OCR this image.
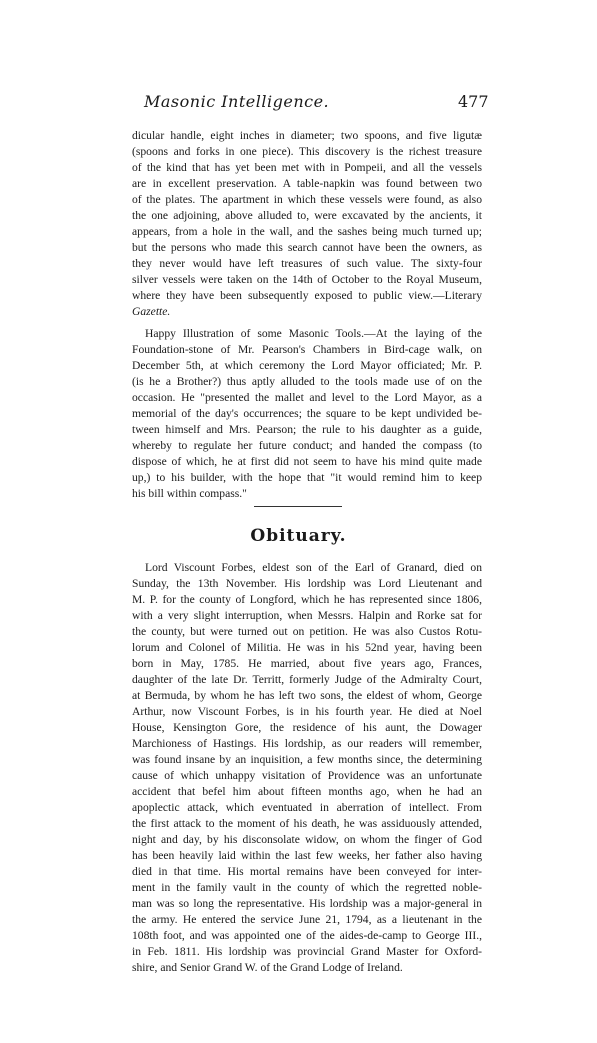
Masonic Intelligence.	477
dicular handle, eight inches in diameter; two spoons, and five ligutæ
(spoons and forks in one piece). This discovery is the richest treasure
of the kind that has yet been met with in Pompeii, and all the vessels
are in excellent preservation. A table-napkin was found between two
of the plates. The apartment in which these vessels were found, as also
the one adjoining, above alluded to, were excavated by the ancients, it
appears, from a hole in the wall, and the sashes being much turned up;
but the persons who made this search cannot have been the owners, as
they never would have left treasures of such value. The sixty-four
silver vessels were taken on the 14th of October to the Royal Museum,
where they have been subsequently exposed to public view.—Literary
Gazette.
Happy Illustration of some Masonic Tools.—At the laying of the
Foundation-stone of Mr. Pearson's Chambers in Bird-cage walk, on
December 5th, at which ceremony the Lord Mayor officiated; Mr. P.
(is he a Brother?) thus aptly alluded to the tools made use of on the
occasion. He "presented the mallet and level to the Lord Mayor, as a
memorial of the day's occurrences; the square to be kept undivided be-
tween himself and Mrs. Pearson; the rule to his daughter as a guide,
whereby to regulate her future conduct; and handed the compass (to
dispose of which, he at first did not seem to have his mind quite made
up,) to his builder, with the hope that "it would remind him to keep
his bill within compass."
Obituary.
Lord Viscount Forbes, eldest son of the Earl of Granard, died on
Sunday, the 13th November. His lordship was Lord Lieutenant and
M. P. for the county of Longford, which he has represented since 1806,
with a very slight interruption, when Messrs. Halpin and Rorke sat for
the county, but were turned out on petition. He was also Custos Rotu-
lorum and Colonel of Militia. He was in his 52nd year, having been
born in May, 1785. He married, about five years ago, Frances,
daughter of the late Dr. Territt, formerly Judge of the Admiralty Court,
at Bermuda, by whom he has left two sons, the eldest of whom, George
Arthur, now Viscount Forbes, is in his fourth year. He died at Noel
House, Kensington Gore, the residence of his aunt, the Dowager
Marchioness of Hastings. His lordship, as our readers will remember,
was found insane by an inquisition, a few months since, the determining
cause of which unhappy visitation of Providence was an unfortunate
accident that befel him about fifteen months ago, when he had an
apoplectic attack, which eventuated in aberration of intellect. From
the first attack to the moment of his death, he was assiduously attended,
night and day, by his disconsolate widow, on whom the finger of God
has been heavily laid within the last few weeks, her father also having
died in that time. His mortal remains have been conveyed for inter-
ment in the family vault in the county of which the regretted noble-
man was so long the representative. His lordship was a major-general in
the army. He entered the service June 21, 1794, as a lieutenant in the
108th foot, and was appointed one of the aides-de-camp to George III.,
in Feb. 1811. His lordship was provincial Grand Master for Oxford-
shire, and Senior Grand W. of the Grand Lodge of Ireland.
